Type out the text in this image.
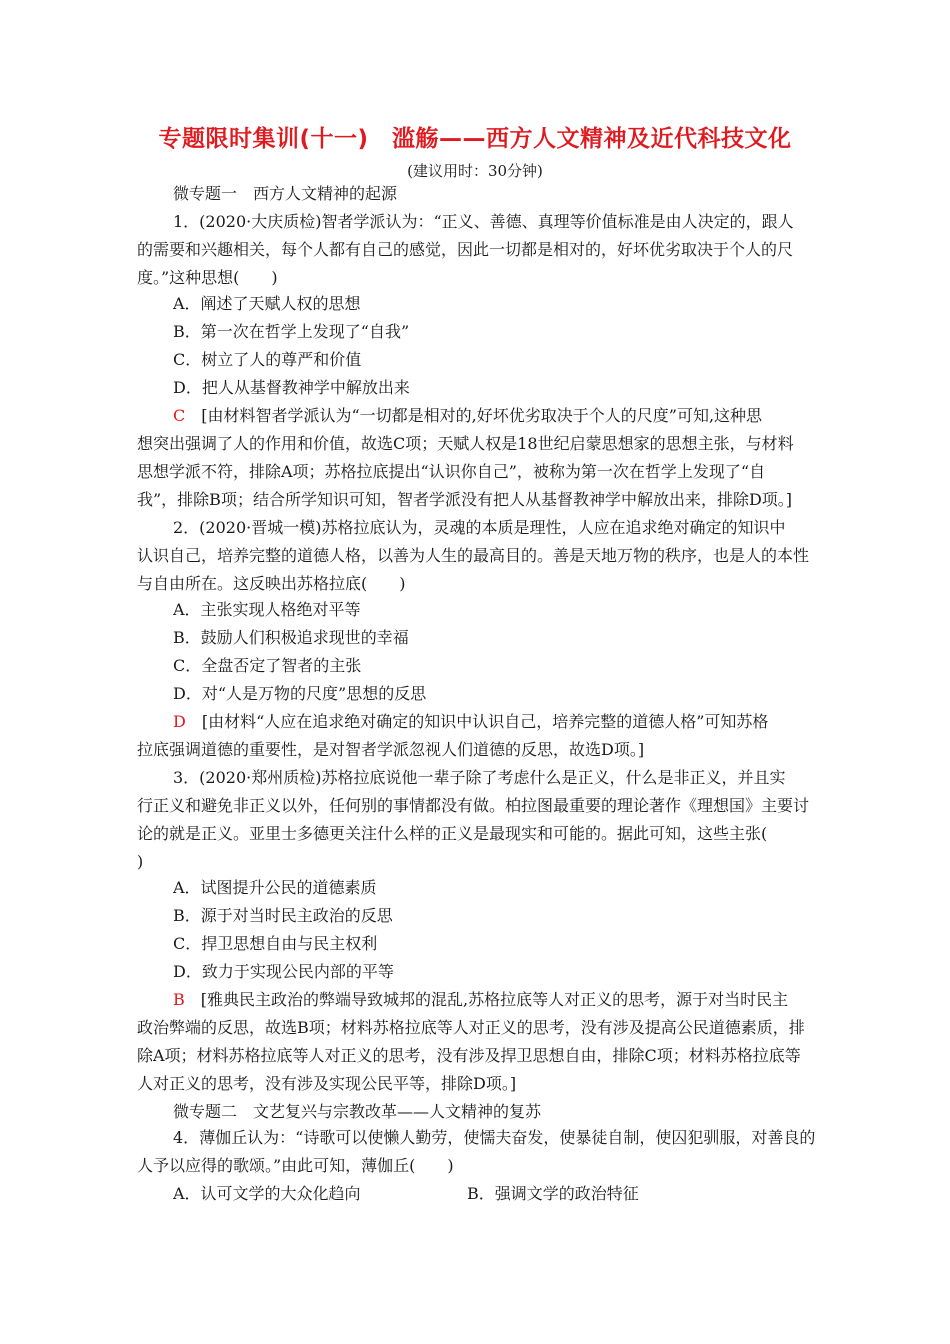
专题限时集训(十一)　滥觞——西方人文精神及近代科技文化
(建议用时：30分钟)
微专题一　西方人文精神的起源
1．(2020·大庆质检)智者学派认为：“正义、善德、真理等价值标准是由人决定的，跟人
的需要和兴趣相关，每个人都有自己的感觉，因此一切都是相对的，好坏优劣取决于个人的尺
度。”这种思想(　　)
A．阐述了天赋人权的思想
B．第一次在哲学上发现了“自我”
C．树立了人的尊严和价值
D．把人从基督教神学中解放出来
C　[由材料智者学派认为“一切都是相对的,好坏优劣取决于个人的尺度”可知,这种思
想突出强调了人的作用和价值，故选C项；天赋人权是18世纪启蒙思想家的思想主张，与材料
思想学派不符，排除A项；苏格拉底提出“认识你自己”，被称为第一次在哲学上发现了“自
我”，排除B项；结合所学知识可知，智者学派没有把人从基督教神学中解放出来，排除D项。]
2．(2020·晋城一模)苏格拉底认为，灵魂的本质是理性，人应在追求绝对确定的知识中
认识自己，培养完整的道德人格，以善为人生的最高目的。善是天地万物的秩序，也是人的本性
与自由所在。这反映出苏格拉底(　　)
A．主张实现人格绝对平等
B．鼓励人们积极追求现世的幸福
C．全盘否定了智者的主张
D．对“人是万物的尺度”思想的反思
D　[由材料“人应在追求绝对确定的知识中认识自己，培养完整的道德人格”可知苏格
拉底强调道德的重要性，是对智者学派忽视人们道德的反思，故选D项。]
3．(2020·郑州质检)苏格拉底说他一辈子除了考虑什么是正义，什么是非正义，并且实
行正义和避免非正义以外，任何别的事情都没有做。柏拉图最重要的理论著作《理想国》主要讨
论的就是正义。亚里士多德更关注什么样的正义是最现实和可能的。据此可知，这些主张(
)
A．试图提升公民的道德素质
B．源于对当时民主政治的反思
C．捍卫思想自由与民主权利
D．致力于实现公民内部的平等
B　[雅典民主政治的弊端导致城邦的混乱,苏格拉底等人对正义的思考，源于对当时民主
政治弊端的反思，故选B项；材料苏格拉底等人对正义的思考，没有涉及提高公民道德素质，排
除A项；材料苏格拉底等人对正义的思考，没有涉及捍卫思想自由，排除C项；材料苏格拉底等
人对正义的思考，没有涉及实现公民平等，排除D项。]
微专题二　文艺复兴与宗教改革——人文精神的复苏
4．薄伽丘认为：“诗歌可以使懒人勤劳，使懦夫奋发，使暴徒自制，使囚犯驯服，对善良的
人予以应得的歌颂。”由此可知，薄伽丘(　　)
A．认可文学的大众化趋向	B．强调文学的政治特征
